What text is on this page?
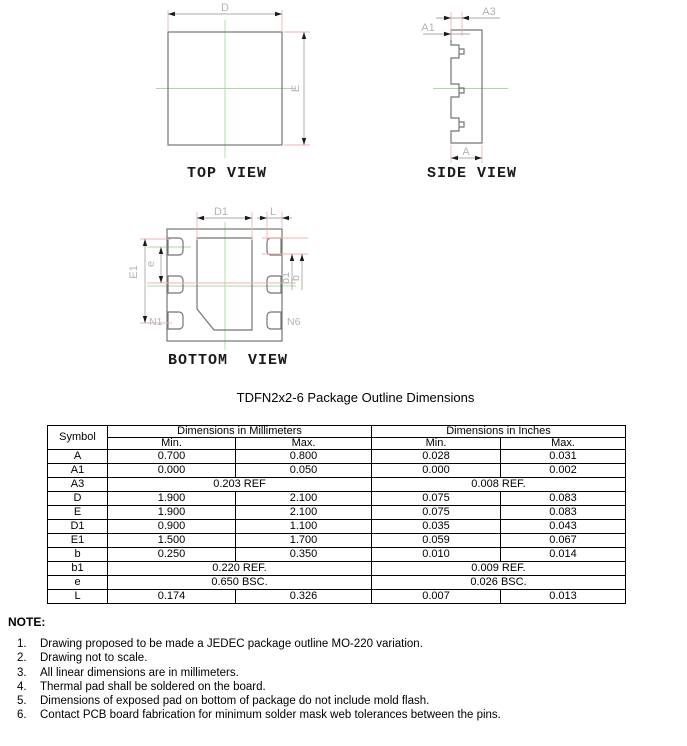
D
E
TOP VIEW
A3
A1
A
SIDE VIEW
D1	L
E1
e
b1
b
N1	N6
BOTTOM  VIEW
TDFN2x2-6 Package Outline Dimensions
Symbol	Dimensions in Millimeters		Dimensions in Inches	
	Min.	Max.	Min.	Max.
A	0.700	0.800	0.028	0.031
A1	0.000	0.050	0.000	0.002
A3	0.203 REF		0.008 REF.	
D	1.900	2.100	0.075	0.083
E	1.900	2.100	0.075	0.083
D1	0.900	1.100	0.035	0.043
E1	1.500	1.700	0.059	0.067
b	0.250	0.350	0.010	0.014
b1	0.220 REF.		0.009 REF.	
e	0.650 BSC.		0.026 BSC.	
L	0.174	0.326	0.007	0.013

NOTE:

1.	Drawing proposed to be made a JEDEC package outline MO-220 variation.
2.	Drawing not to scale.
3.	All linear dimensions are in millimeters.
4.	Thermal pad shall be soldered on the board.
5.	Dimensions of exposed pad on bottom of package do not include mold flash.
6.	Contact PCB board fabrication for minimum solder mask web tolerances between the pins.
